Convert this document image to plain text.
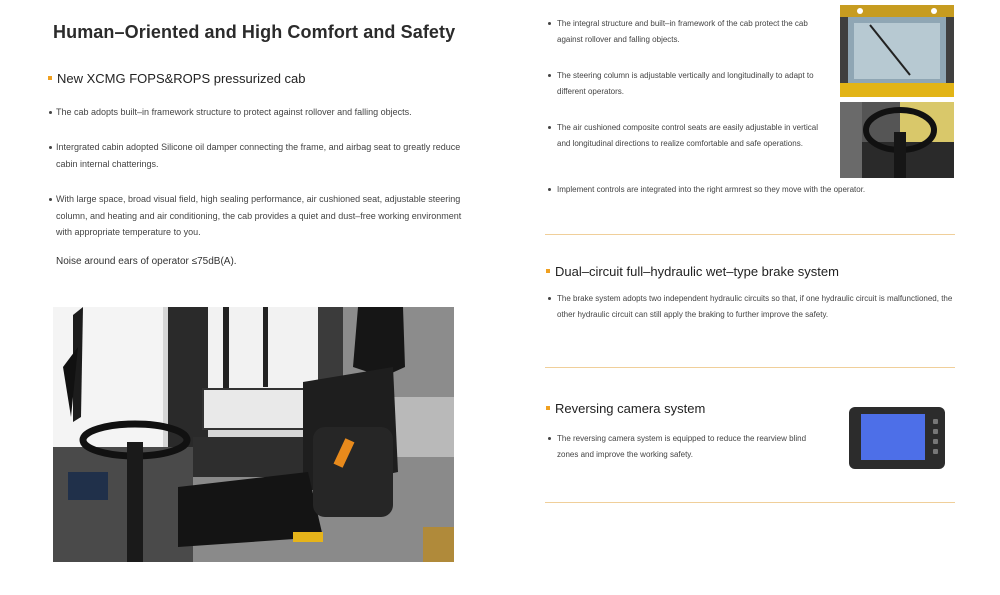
Human–Oriented and High Comfort and Safety
New XCMG FOPS&ROPS pressurized cab
The cab adopts built–in framework structure to protect against rollover and falling objects.
Intergrated cabin adopted Silicone oil damper connecting the frame, and airbag seat to greatly reduce cabin internal chatterings.
With large space, broad visual field, high sealing performance, air cushioned seat, adjustable steering column, and heating and air conditioning, the cab provides a quiet and dust–free working environment with appropriate temperature to you.
Noise around ears of operator ≤75dB(A).
The integral structure and built–in framework of the cab protect the cab against rollover and falling objects.
The steering column is adjustable vertically and longitudinally to adapt to different operators.
The air cushioned composite control seats are easily adjustable in vertical and longitudinal directions to realize comfortable and safe operations.
Implement controls are integrated into the right armrest so they move with the operator.
Dual–circuit full–hydraulic wet–type brake system
The brake system adopts two independent hydraulic circuits so that, if one hydraulic circuit is malfunctioned, the other hydraulic circuit can still apply the braking to further improve the safety.
Reversing camera system
The reversing camera system is equipped to reduce the rearview blind zones and improve the working safety.
